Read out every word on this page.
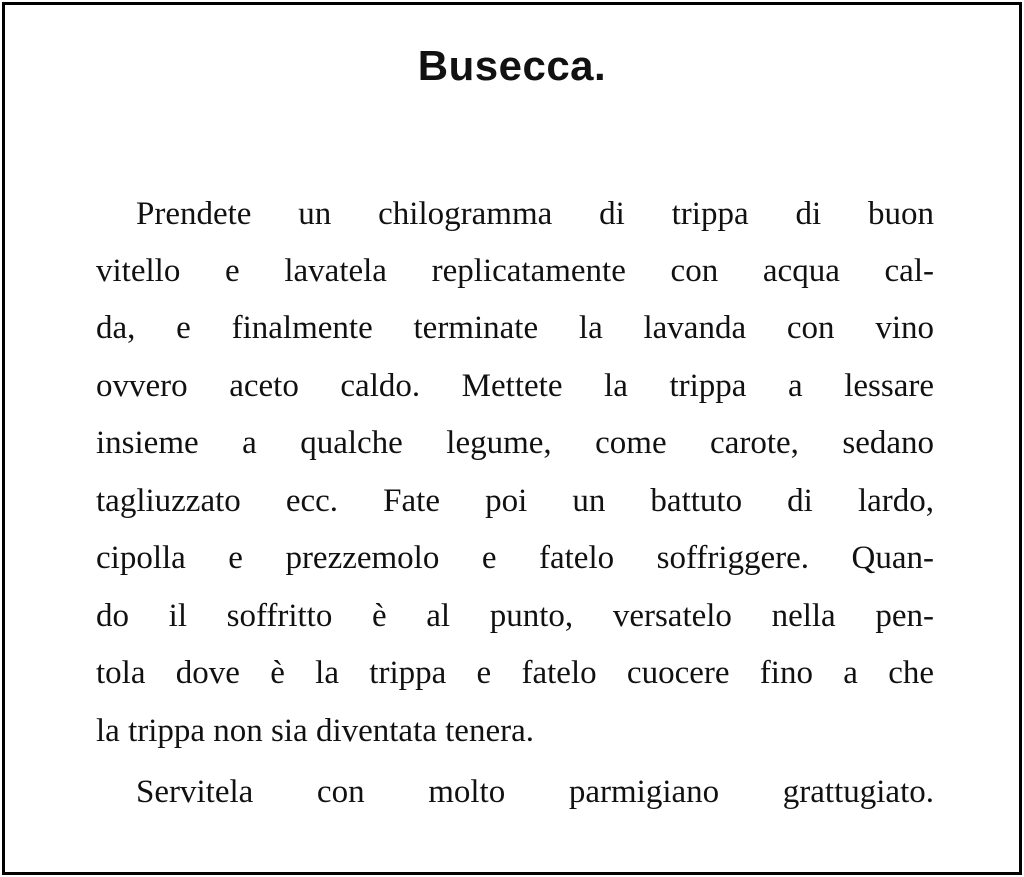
Busecca.
Prendete un chilogramma di trippa di buon
vitello e lavatela replicatamente con acqua cal-
da, e finalmente terminate la lavanda con vino
ovvero aceto caldo. Mettete la trippa a lessare
insieme a qualche legume, come carote, sedano
tagliuzzato ecc. Fate poi un battuto di lardo,
cipolla e prezzemolo e fatelo soffriggere. Quan-
do il soffritto è al punto, versatelo nella pen-
tola dove è la trippa e fatelo cuocere fino a che
la trippa non sia diventata tenera.
Servitela con molto parmigiano grattugiato.
